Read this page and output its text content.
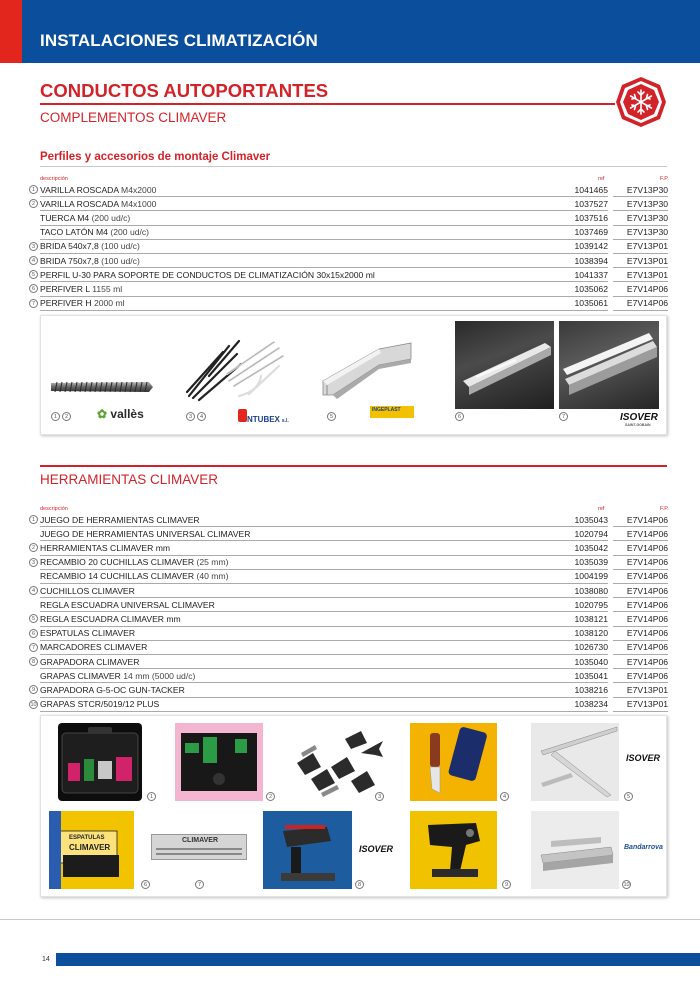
INSTALACIONES CLIMATIZACIÓN
CONDUCTOS AUTOPORTANTES
COMPLEMENTOS CLIMAVER
Perfiles y accesorios de montaje Climaver
descripción	ref	F.P.
1 VARILLA ROSCADA M4x2000	1041465	E7V13P30
2 VARILLA ROSCADA M4x1000	1037527	E7V13P30
TUERCA M4 (200 ud/c)	1037516	E7V13P30
TACO LATÓN M4 (200 ud/c)	1037469	E7V13P30
3 BRIDA 540x7,8 (100 ud/c)	1039142	E7V13P01
4 BRIDA 750x7,8 (100 ud/c)	1038394	E7V13P01
5 PERFIL U-30 PARA SOPORTE DE CONDUCTOS DE CLIMATIZACIÓN 30x15x2000 ml	1041337	E7V13P01
6 PERFIVER L 1155 ml	1035062	E7V14P06
7 PERFIVER H 2000 ml	1035061	E7V14P06
1	2 ✿ vallès	3	4	NTUBEX s.l.
5
INGEPLAST
6	7	ISOVER
SAINT-GOBAIN
HERRAMIENTAS CLIMAVER
descripción	ref	F.P.
1 JUEGO DE HERRAMIENTAS CLIMAVER	1035043	E7V14P06
JUEGO DE HERRAMIENTAS UNIVERSAL CLIMAVER	1020794	E7V14P06
2 HERRAMIENTAS CLIMAVER mm	1035042	E7V14P06
3 RECAMBIO 20 CUCHILLAS CLIMAVER (25 mm)	1035039	E7V14P06
RECAMBIO 14 CUCHILLAS CLIMAVER (40 mm)	1004199	E7V14P06
4 CUCHILLOS CLIMAVER	1038080	E7V14P06
REGLA ESCUADRA UNIVERSAL CLIMAVER	1020795	E7V14P06
5 REGLA ESCUADRA CLIMAVER mm	1038121	E7V14P06
6 ESPATULAS CLIMAVER	1038120	E7V14P06
7 MARCADORES CLIMAVER	1026730	E7V14P06
8 GRAPADORA CLIMAVER	1035040	E7V14P06
GRAPAS CLIMAVER 14 mm (5000 ud/c)	1035041	E7V14P06
9 GRAPADORA G-5-OC GUN-TACKER	1038216	E7V13P01
10 GRAPAS STCR/5019/12 PLUS	1038234	E7V13P01
ISOVER
ESPATULAS
CLIMAVER
CLIMAVER
ISOVER	Bandarrova
1	2	3	4	5
6	7	8	9	10
14
